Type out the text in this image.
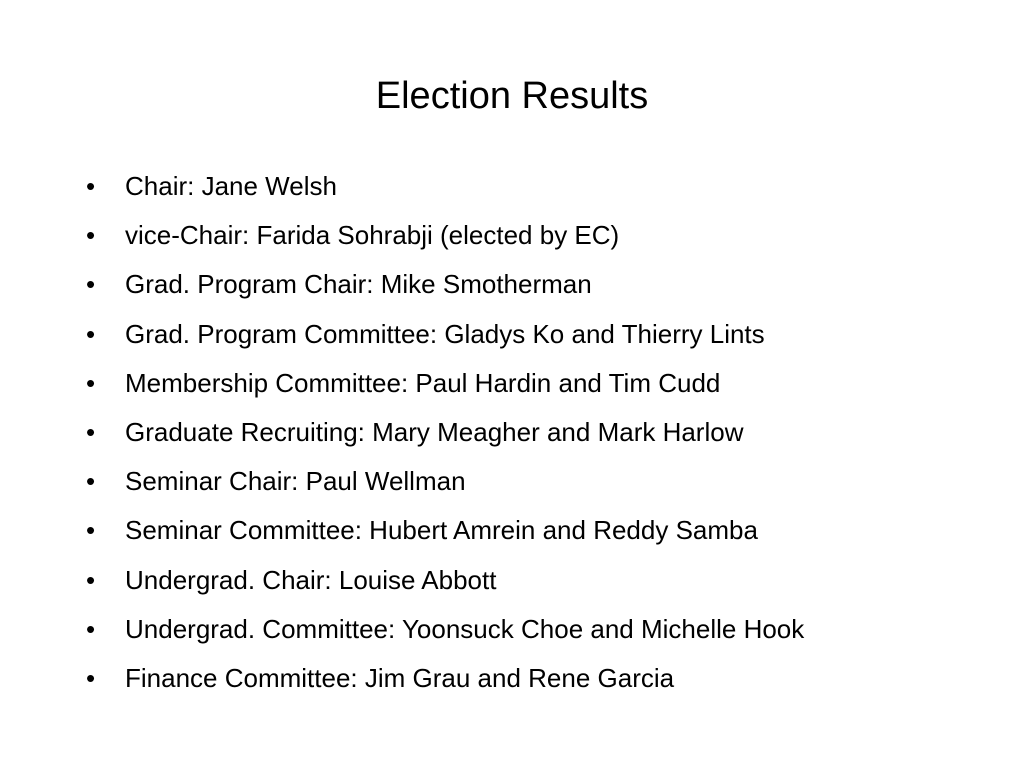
Election Results
•	Chair: Jane Welsh
•	vice-Chair: Farida Sohrabji (elected by EC)
•	Grad. Program Chair: Mike Smotherman
•	Grad. Program Committee: Gladys Ko and Thierry Lints
•	Membership Committee: Paul Hardin and Tim Cudd
•	Graduate Recruiting: Mary Meagher and Mark Harlow
•	Seminar Chair: Paul Wellman
•	Seminar Committee: Hubert Amrein and Reddy Samba
•	Undergrad. Chair: Louise Abbott
•	Undergrad. Committee: Yoonsuck Choe and Michelle Hook
•	Finance Committee: Jim Grau and Rene Garcia
